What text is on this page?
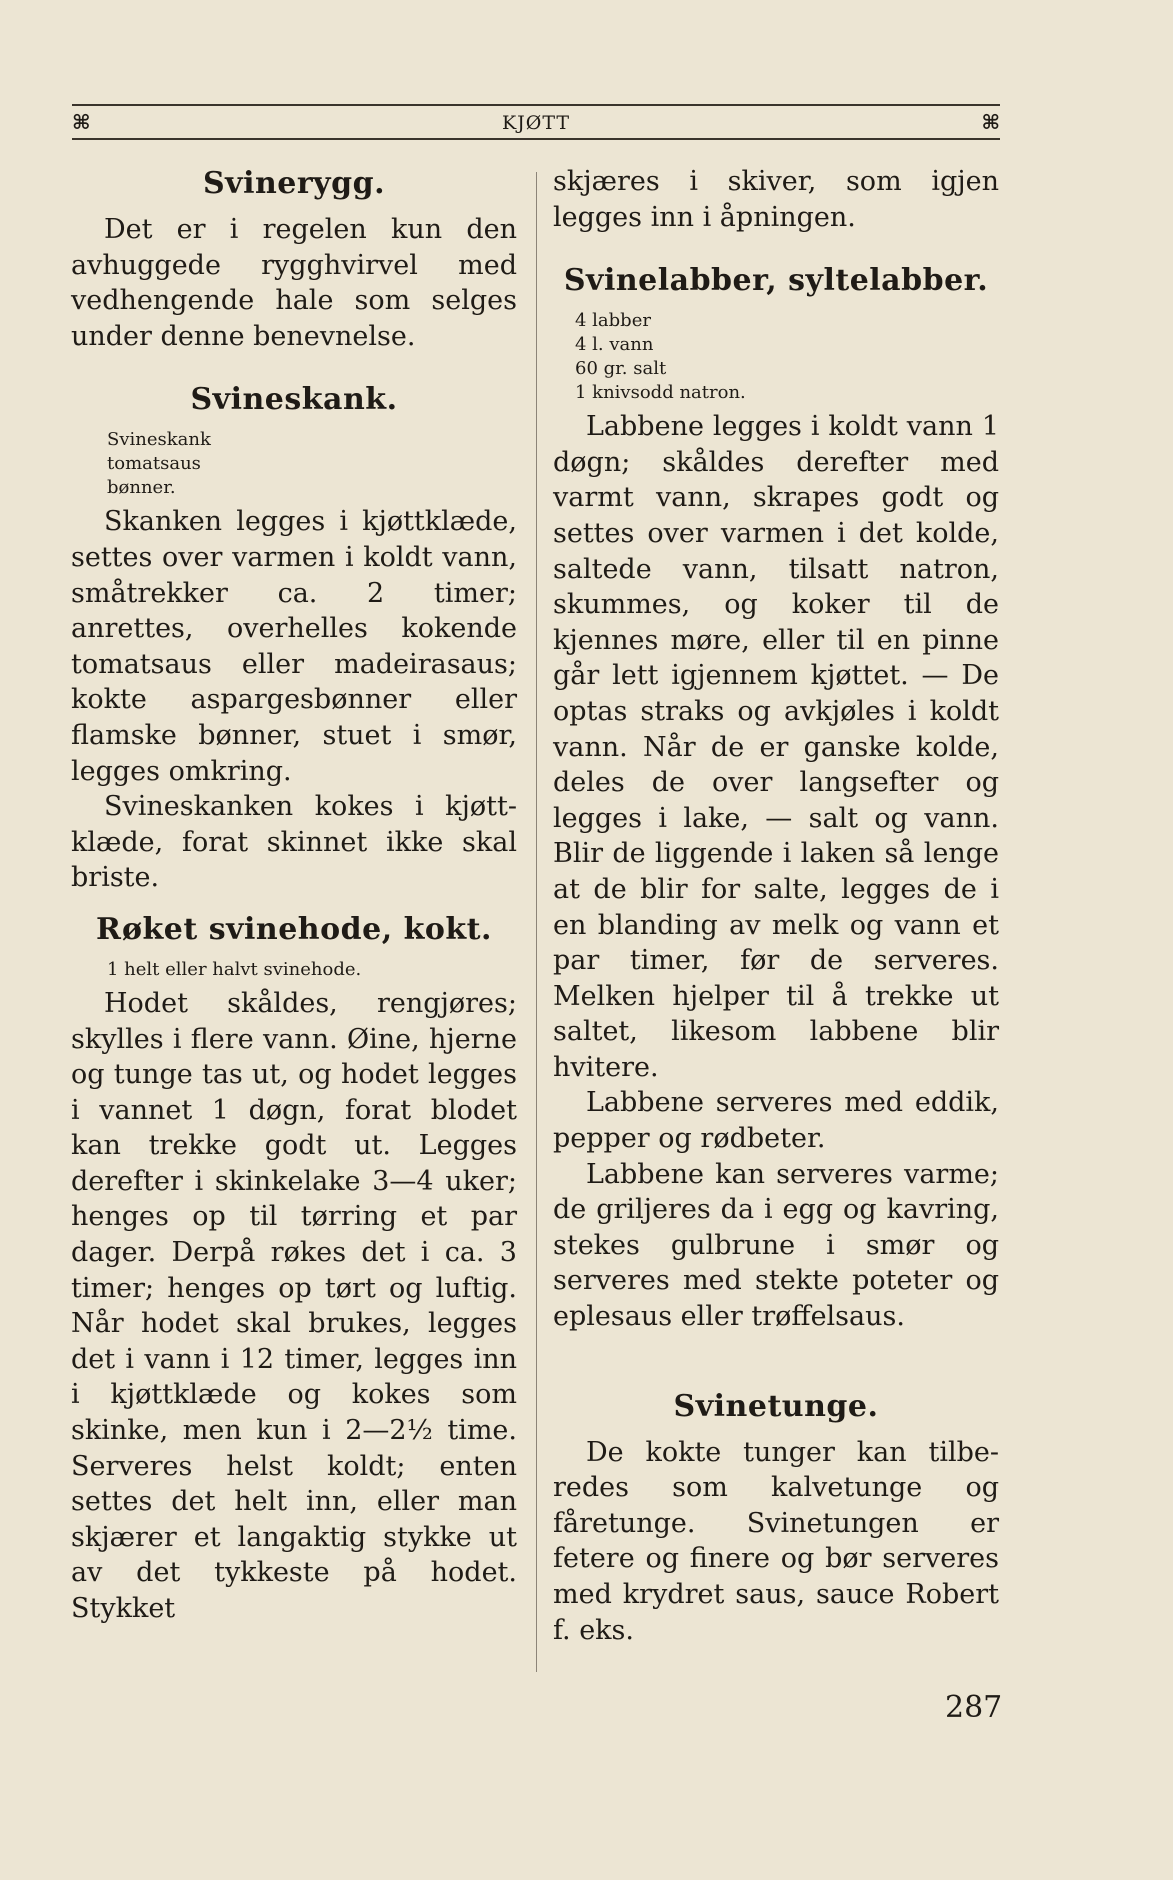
⌘	KJØTT	⌘
Svinerygg.

Det er i regelen kun den avhuggede rygghvirvel med vedhengende hale som selges under denne benevnelse.

Svineskank.

Svineskank

tomatsaus

bønner.

Skanken legges i kjøttklæde, settes over varmen i koldt vann, småtrekker ca. 2 timer; anrettes, overhelles kokende tomatsaus eller madeirasaus; kokte aspargesbønner eller flamske bønner, stuet i smør, legges omkring.

Svineskanken kokes i kjøttklæde, forat skinnet ikke skal briste.

Røket svinehode, kokt.

1 helt eller halvt svinehode.

Hodet skåldes, rengjøres; skylles i flere vann. Øine, hjerne og tunge tas ut, og hodet legges i vannet 1 døgn, forat blodet kan trekke godt ut. Legges derefter i skinkelake 3—4 uker; henges op til tørring et par dager. Derpå røkes det i ca. 3 timer; henges op tørt og luftig. Når hodet skal brukes, legges det i vann i 12 timer, legges inn i kjøttklæde og kokes som skinke, men kun i 2—2½ time. Serveres helst koldt; enten settes det helt inn, eller man skjærer et langaktig stykke ut av det tykkeste på hodet. Stykket

skjæres i skiver, som igjen legges inn i åpningen.

Svinelabber, syltelabber.

4 labber

4 l. vann

60 gr. salt

1 knivsodd natron.

Labbene legges i koldt vann 1 døgn; skåldes derefter med varmt vann, skrapes godt og settes over varmen i det kolde, saltede vann, tilsatt natron, skummes, og koker til de kjennes møre, eller til en pinne går lett igjennem kjøttet. — De optas straks og avkjøles i koldt vann. Når de er ganske kolde, deles de over langsefter og legges i lake, — salt og vann. Blir de liggende i laken så lenge at de blir for salte, legges de i en blanding av melk og vann et par timer, før de serveres. Melken hjelper til å trekke ut saltet, likesom labbene blir hvitere.

Labbene serveres med eddik, pepper og rødbeter.

Labbene kan serveres varme; de griljeres da i egg og kavring, stekes gulbrune i smør og serveres med stekte poteter og eplesaus eller trøffelsaus.

Svinetunge.

De kokte tunger kan tilberedes som kalvetunge og fåretunge. Svinetungen er fetere og finere og bør serveres med krydret saus, sauce Robert f. eks.

287
